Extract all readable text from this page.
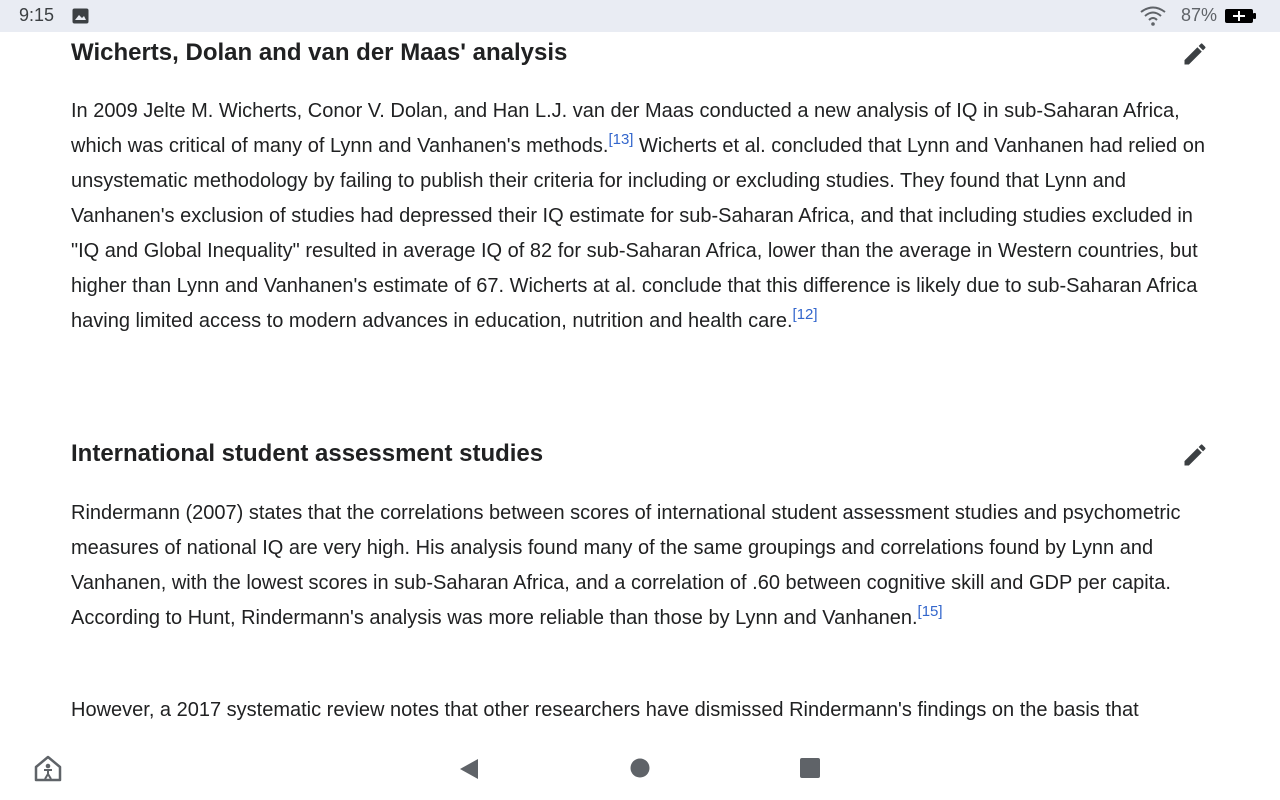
9:15	87%
Wicherts, Dolan and van der Maas' analysis

In 2009 Jelte M. Wicherts, Conor V. Dolan, and Han L.J. van der Maas conducted a new analysis of IQ in sub-Saharan Africa, which was critical of many of Lynn and Vanhanen's methods.[13] Wicherts et al. concluded that Lynn and Vanhanen had relied on unsystematic methodology by failing to publish their criteria for including or excluding studies. They found that Lynn and Vanhanen's exclusion of studies had depressed their IQ estimate for sub-Saharan Africa, and that including studies excluded in "IQ and Global Inequality" resulted in average IQ of 82 for sub-Saharan Africa, lower than the average in Western countries, but higher than Lynn and Vanhanen's estimate of 67. Wicherts at al. conclude that this difference is likely due to sub-Saharan Africa having limited access to modern advances in education, nutrition and health care.[12]

International student assessment studies

Rindermann (2007) states that the correlations between scores of international student assessment studies and psychometric measures of national IQ are very high. His analysis found many of the same groupings and correlations found by Lynn and Vanhanen, with the lowest scores in sub-Saharan Africa, and a correlation of .60 between cognitive skill and GDP per capita. According to Hunt, Rindermann's analysis was more reliable than those by Lynn and Vanhanen.[15]

However, a 2017 systematic review notes that other researchers have dismissed Rindermann's findings on the basis that
